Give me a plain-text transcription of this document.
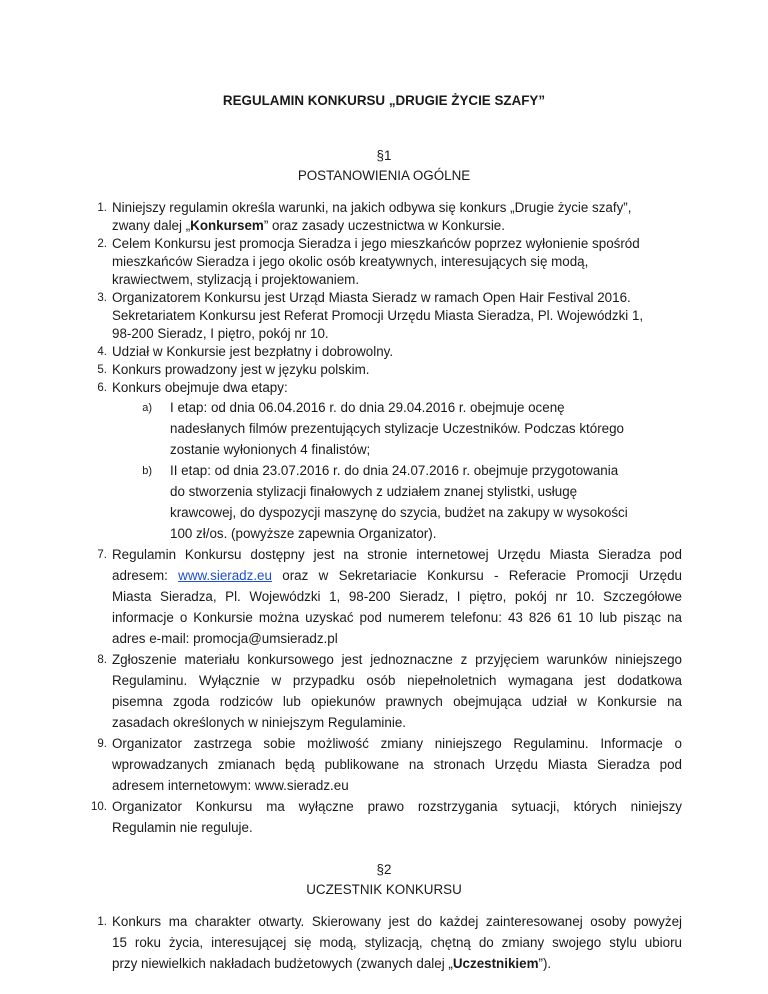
REGULAMIN KONKURSU „DRUGIE ŻYCIE SZAFY”
§1
POSTANOWIENIA OGÓLNE
1. Niniejszy regulamin określa warunki, na jakich odbywa się konkurs „Drugie życie szafy”,
zwany dalej „Konkursem” oraz zasady uczestnictwa w Konkursie.
2. Celem Konkursu jest promocja Sieradza i jego mieszkańców poprzez wyłonienie spośród
mieszkańców Sieradza i jego okolic osób kreatywnych, interesujących się modą,
krawiectwem, stylizacją i projektowaniem.
3. Organizatorem Konkursu jest Urząd Miasta Sieradz w ramach Open Hair Festival 2016.
Sekretariatem Konkursu jest Referat Promocji Urzędu Miasta Sieradza, Pl. Wojewódzki 1,
98-200 Sieradz, I piętro, pokój nr 10.
4. Udział w Konkursie jest bezpłatny i dobrowolny.
5. Konkurs prowadzony jest w języku polskim.
6. Konkurs obejmuje dwa etapy:
a) I etap: od dnia 06.04.2016 r. do dnia 29.04.2016 r. obejmuje ocenę
nadesłanych filmów prezentujących stylizacje Uczestników. Podczas którego
zostanie wyłonionych 4 finalistów;
b) II etap: od dnia 23.07.2016 r. do dnia 24.07.2016 r. obejmuje przygotowania
do stworzenia stylizacji finałowych z udziałem znanej stylistki, usługę
krawcowej, do dyspozycji maszynę do szycia, budżet na zakupy w wysokości
100 zł/os. (powyższe zapewnia Organizator).
7. Regulamin Konkursu dostępny jest na stronie internetowej Urzędu Miasta Sieradza pod
adresem: www.sieradz.eu oraz w Sekretariacie Konkursu - Referacie Promocji Urzędu
Miasta Sieradza, Pl. Wojewódzki 1, 98-200 Sieradz, I piętro, pokój nr 10. Szczegółowe
informacje o Konkursie można uzyskać pod numerem telefonu: 43 826 61 10 lub pisząc na
adres e-mail: promocja@umsieradz.pl
8. Zgłoszenie materiału konkursowego jest jednoznaczne z przyjęciem warunków niniejszego
Regulaminu. Wyłącznie w przypadku osób niepełnoletnich wymagana jest dodatkowa
pisemna zgoda rodziców lub opiekunów prawnych obejmująca udział w Konkursie na
zasadach określonych w niniejszym Regulaminie.
9. Organizator zastrzega sobie możliwość zmiany niniejszego Regulaminu. Informacje o
wprowadzanych zmianach będą publikowane na stronach Urzędu Miasta Sieradza pod
adresem internetowym: www.sieradz.eu
10. Organizator Konkursu ma wyłączne prawo rozstrzygania sytuacji, których niniejszy
Regulamin nie reguluje.
§2
UCZESTNIK KONKURSU
1. Konkurs ma charakter otwarty. Skierowany jest do każdej zainteresowanej osoby powyżej
15 roku życia, interesującej się modą, stylizacją, chętną do zmiany swojego stylu ubioru
przy niewielkich nakładach budżetowych (zwanych dalej „Uczestnikiem”).
